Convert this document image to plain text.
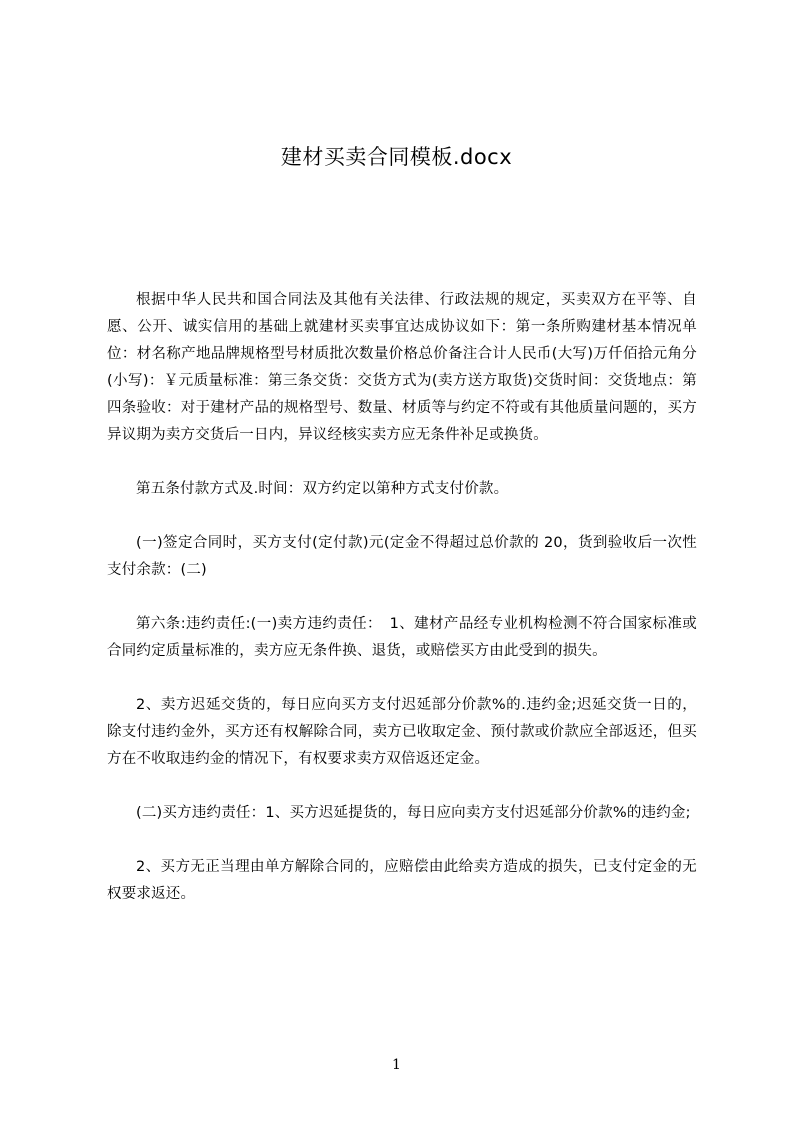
建材买卖合同模板.docx

根据中华人民共和国合同法及其他有关法律、行政法规的规定，买卖双方在平等、自愿、公开、诚实信用的基础上就建材买卖事宜达成协议如下：第一条所购建材基本情况单位：材名称产地品牌规格型号材质批次数量价格总价备注合计人民币(大写)万仟佰拾元角分(小写)：￥元质量标准：第三条交货：交货方式为(卖方送方取货)交货时间：交货地点：第四条验收：对于建材产品的规格型号、数量、材质等与约定不符或有其他质量问题的，买方异议期为卖方交货后一日内，异议经核实卖方应无条件补足或换货。

第五条付款方式及.时间：双方约定以第种方式支付价款。

(一)签定合同时，买方支付(定付款)元(定金不得超过总价款的 20，货到验收后一次性支付余款：(二)

第六条:违约责任:(一)卖方违约责任：　1、建材产品经专业机构检测不符合国家标准或合同约定质量标准的，卖方应无条件换、退货，或赔偿买方由此受到的损失。

2、卖方迟延交货的，每日应向买方支付迟延部分价款%的.违约金;迟延交货一日的，除支付违约金外，买方还有权解除合同，卖方已收取定金、预付款或价款应全部返还，但买方在不收取违约金的情况下，有权要求卖方双倍返还定金。

(二)买方违约责任：1、买方迟延提货的，每日应向卖方支付迟延部分价款%的违约金;

2、买方无正当理由单方解除合同的，应赔偿由此给卖方造成的损失，已支付定金的无权要求返还。

1
